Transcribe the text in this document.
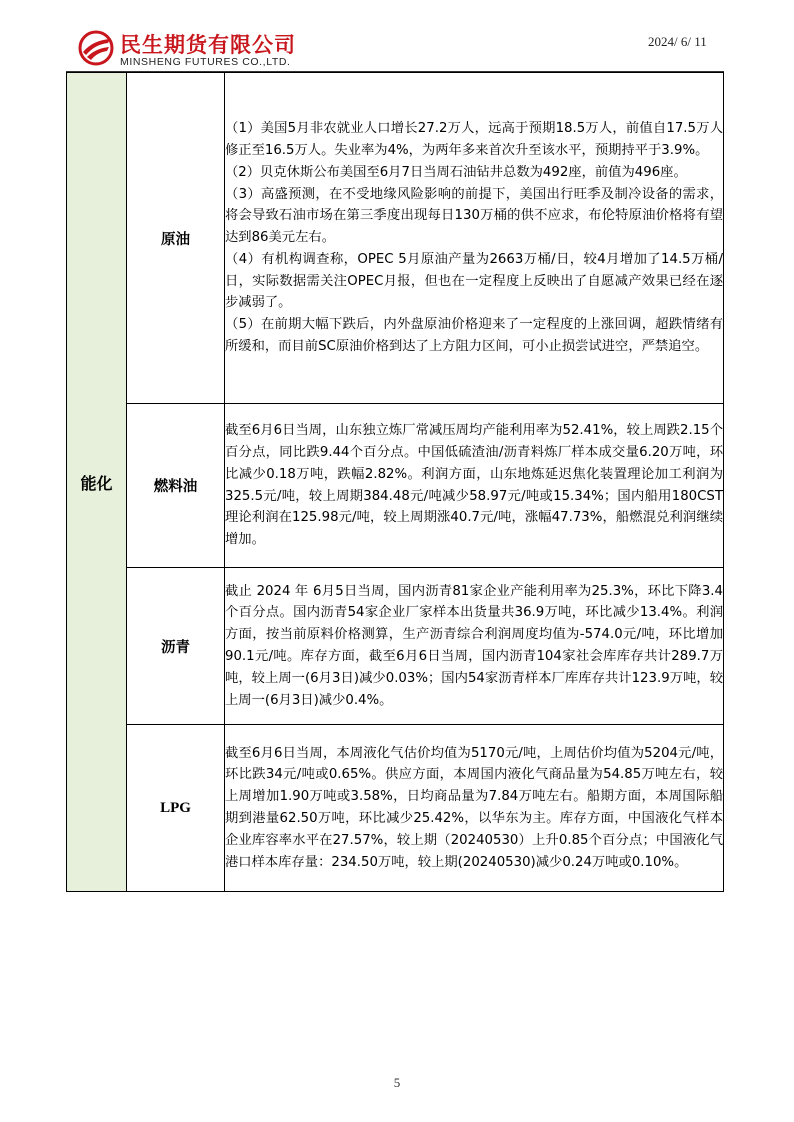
民生期货有限公司
MINSHENG FUTURES CO.,LTD.
2024/ 6/ 11
能化	原油	（1）美国5月非农就业人口增长27.2万人，远高于预期18.5万人，前值自17.5万人修正至16.5万人。失业率为4%，为两年多来首次升至该水平，预期持平于3.9%。

（2）贝克休斯公布美国至6月7日当周石油钻井总数为492座，前值为496座。

（3）高盛预测，在不受地缘风险影响的前提下，美国出行旺季及制冷设备的需求，将会导致石油市场在第三季度出现每日130万桶的供不应求，布伦特原油价格将有望达到86美元左右。

（4）有机构调查称，OPEC 5月原油产量为2663万桶/日，较4月增加了14.5万桶/日，实际数据需关注OPEC月报，但也在一定程度上反映出了自愿减产效果已经在逐步减弱了。

（5）在前期大幅下跌后，内外盘原油价格迎来了一定程度的上涨回调，超跌情绪有所缓和，而目前SC原油价格到达了上方阻力区间，可小止损尝试进空，严禁追空。

	燃料油	截至6月6日当周，山东独立炼厂常减压周均产能利用率为52.41%，较上周跌2.15个百分点，同比跌9.44个百分点。中国低硫渣油/沥青料炼厂样本成交量6.20万吨，环比减少0.18万吨，跌幅2.82%。利润方面，山东地炼延迟焦化装置理论加工利润为325.5元/吨，较上周期384.48元/吨减少58.97元/吨或15.34%；国内船用180CST理论利润在125.98元/吨，较上周期涨40.7元/吨，涨幅47.73%，船燃混兑利润继续增加。

	沥青	截止 2024 年 6月5日当周，国内沥青81家企业产能利用率为25.3%，环比下降3.4个百分点。国内沥青54家企业厂家样本出货量共36.9万吨，环比减少13.4%。利润方面，按当前原料价格测算，生产沥青综合利润周度均值为-574.0元/吨，环比增加90.1元/吨。库存方面，截至6月6日当周，国内沥青104家社会库库存共计289.7万吨，较上周一(6月3日)减少0.03%；国内54家沥青样本厂库库存共计123.9万吨，较上周一(6月3日)减少0.4%。

	LPG	截至6月6日当周，本周液化气估价均值为5170元/吨，上周估价均值为5204元/吨，环比跌34元/吨或0.65%。供应方面，本周国内液化气商品量为54.85万吨左右，较上周增加1.90万吨或3.58%，日均商品量为7.84万吨左右。船期方面，本周国际船期到港量62.50万吨，环比减少25.42%，以华东为主。库存方面，中国液化气样本企业库容率水平在27.57%，较上期（20240530）上升0.85个百分点；中国液化气港口样本库存量：234.50万吨，较上期(20240530)减少0.24万吨或0.10%。

5
